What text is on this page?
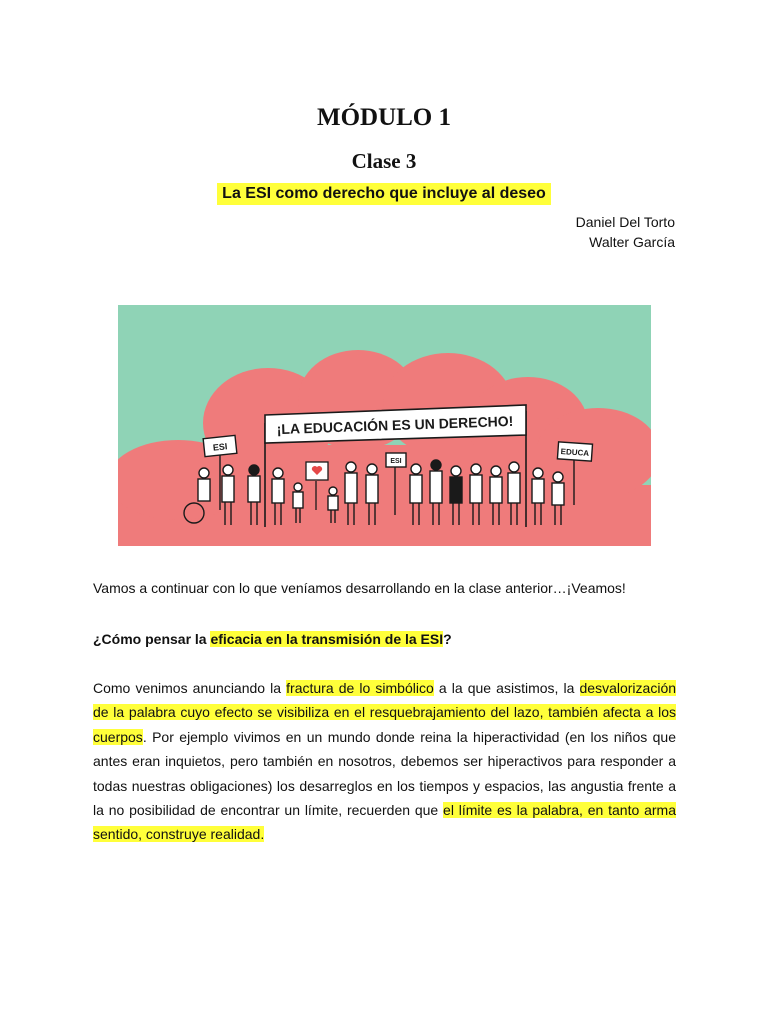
MÓDULO 1
Clase 3
La ESI como derecho que incluye al deseo
Daniel Del Torto
Walter García
¡LA EDUCACIÓN ES UN DERECHO!
ESI
ESI
EDUCA

Vamos a continuar con lo que veníamos desarrollando en la clase anterior…¡Veamos!

¿Cómo pensar la eficacia en la transmisión de la ESI?

Como venimos anunciando la fractura de lo simbólico a la que asistimos, la desvalorización de la palabra cuyo efecto se visibiliza en el resquebrajamiento del lazo, también afecta a los cuerpos. Por ejemplo vivimos en un mundo donde reina la hiperactividad (en los niños que antes eran inquietos, pero también en nosotros, debemos ser hiperactivos para responder a todas nuestras obligaciones) los desarreglos en los tiempos y espacios, las angustia frente a la no posibilidad de encontrar un límite, recuerden que el límite es la palabra, en tanto arma sentido, construye realidad.
